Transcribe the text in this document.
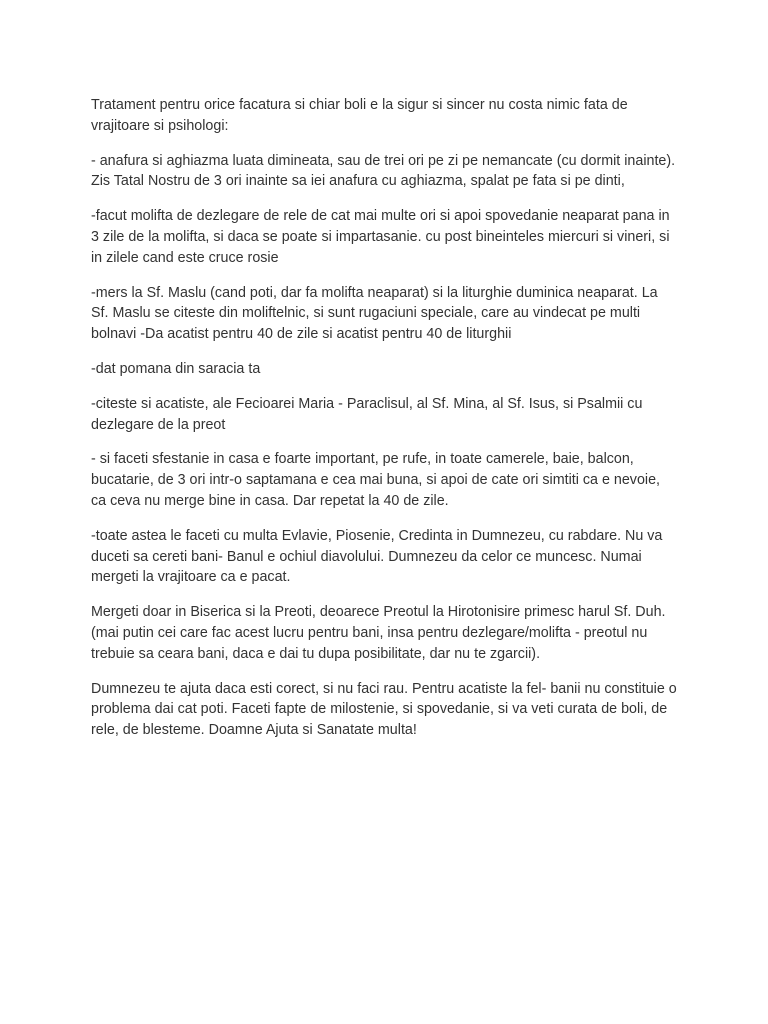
Tratament pentru orice facatura si chiar boli e la sigur si sincer nu costa nimic fata de vrajitoare si psihologi:

- anafura si aghiazma luata dimineata, sau de trei ori pe zi pe nemancate (cu dormit inainte). Zis Tatal Nostru de 3 ori inainte sa iei anafura cu aghiazma, spalat pe fata si pe dinti,

-facut molifta de dezlegare de rele de cat mai multe ori si apoi spovedanie neaparat pana in 3 zile de la molifta, si daca se poate si impartasanie. cu post bineinteles miercuri si vineri, si in zilele cand este cruce rosie

-mers la Sf. Maslu (cand poti, dar fa molifta neaparat) si la liturghie duminica neaparat. La Sf. Maslu se citeste din moliftelnic, si sunt rugaciuni speciale, care au vindecat pe multi bolnavi -Da acatist pentru 40 de zile si acatist pentru 40 de liturghii

-dat pomana din saracia ta

-citeste si acatiste, ale Fecioarei Maria - Paraclisul, al Sf. Mina, al Sf. Isus, si Psalmii cu dezlegare de la preot

- si faceti sfestanie in casa e foarte important, pe rufe, in toate camerele, baie, balcon, bucatarie, de 3 ori intr-o saptamana e cea mai buna, si apoi de cate ori simtiti ca e nevoie, ca ceva nu merge bine in casa. Dar repetat la 40 de zile.

-toate astea le faceti cu multa Evlavie, Piosenie, Credinta in Dumnezeu, cu rabdare. Nu va duceti sa cereti bani- Banul e ochiul diavolului. Dumnezeu da celor ce muncesc. Numai mergeti la vrajitoare ca e pacat.

Mergeti doar in Biserica si la Preoti, deoarece Preotul la Hirotonisire primesc harul Sf. Duh. (mai putin cei care fac acest lucru pentru bani, insa pentru dezlegare/molifta - preotul nu trebuie sa ceara bani, daca e dai tu dupa posibilitate, dar nu te zgarcii).

Dumnezeu te ajuta daca esti corect, si nu faci rau. Pentru acatiste la fel- banii nu constituie o problema dai cat poti. Faceti fapte de milostenie, si spovedanie, si va veti curata de boli, de rele, de blesteme. Doamne Ajuta si Sanatate multa!
